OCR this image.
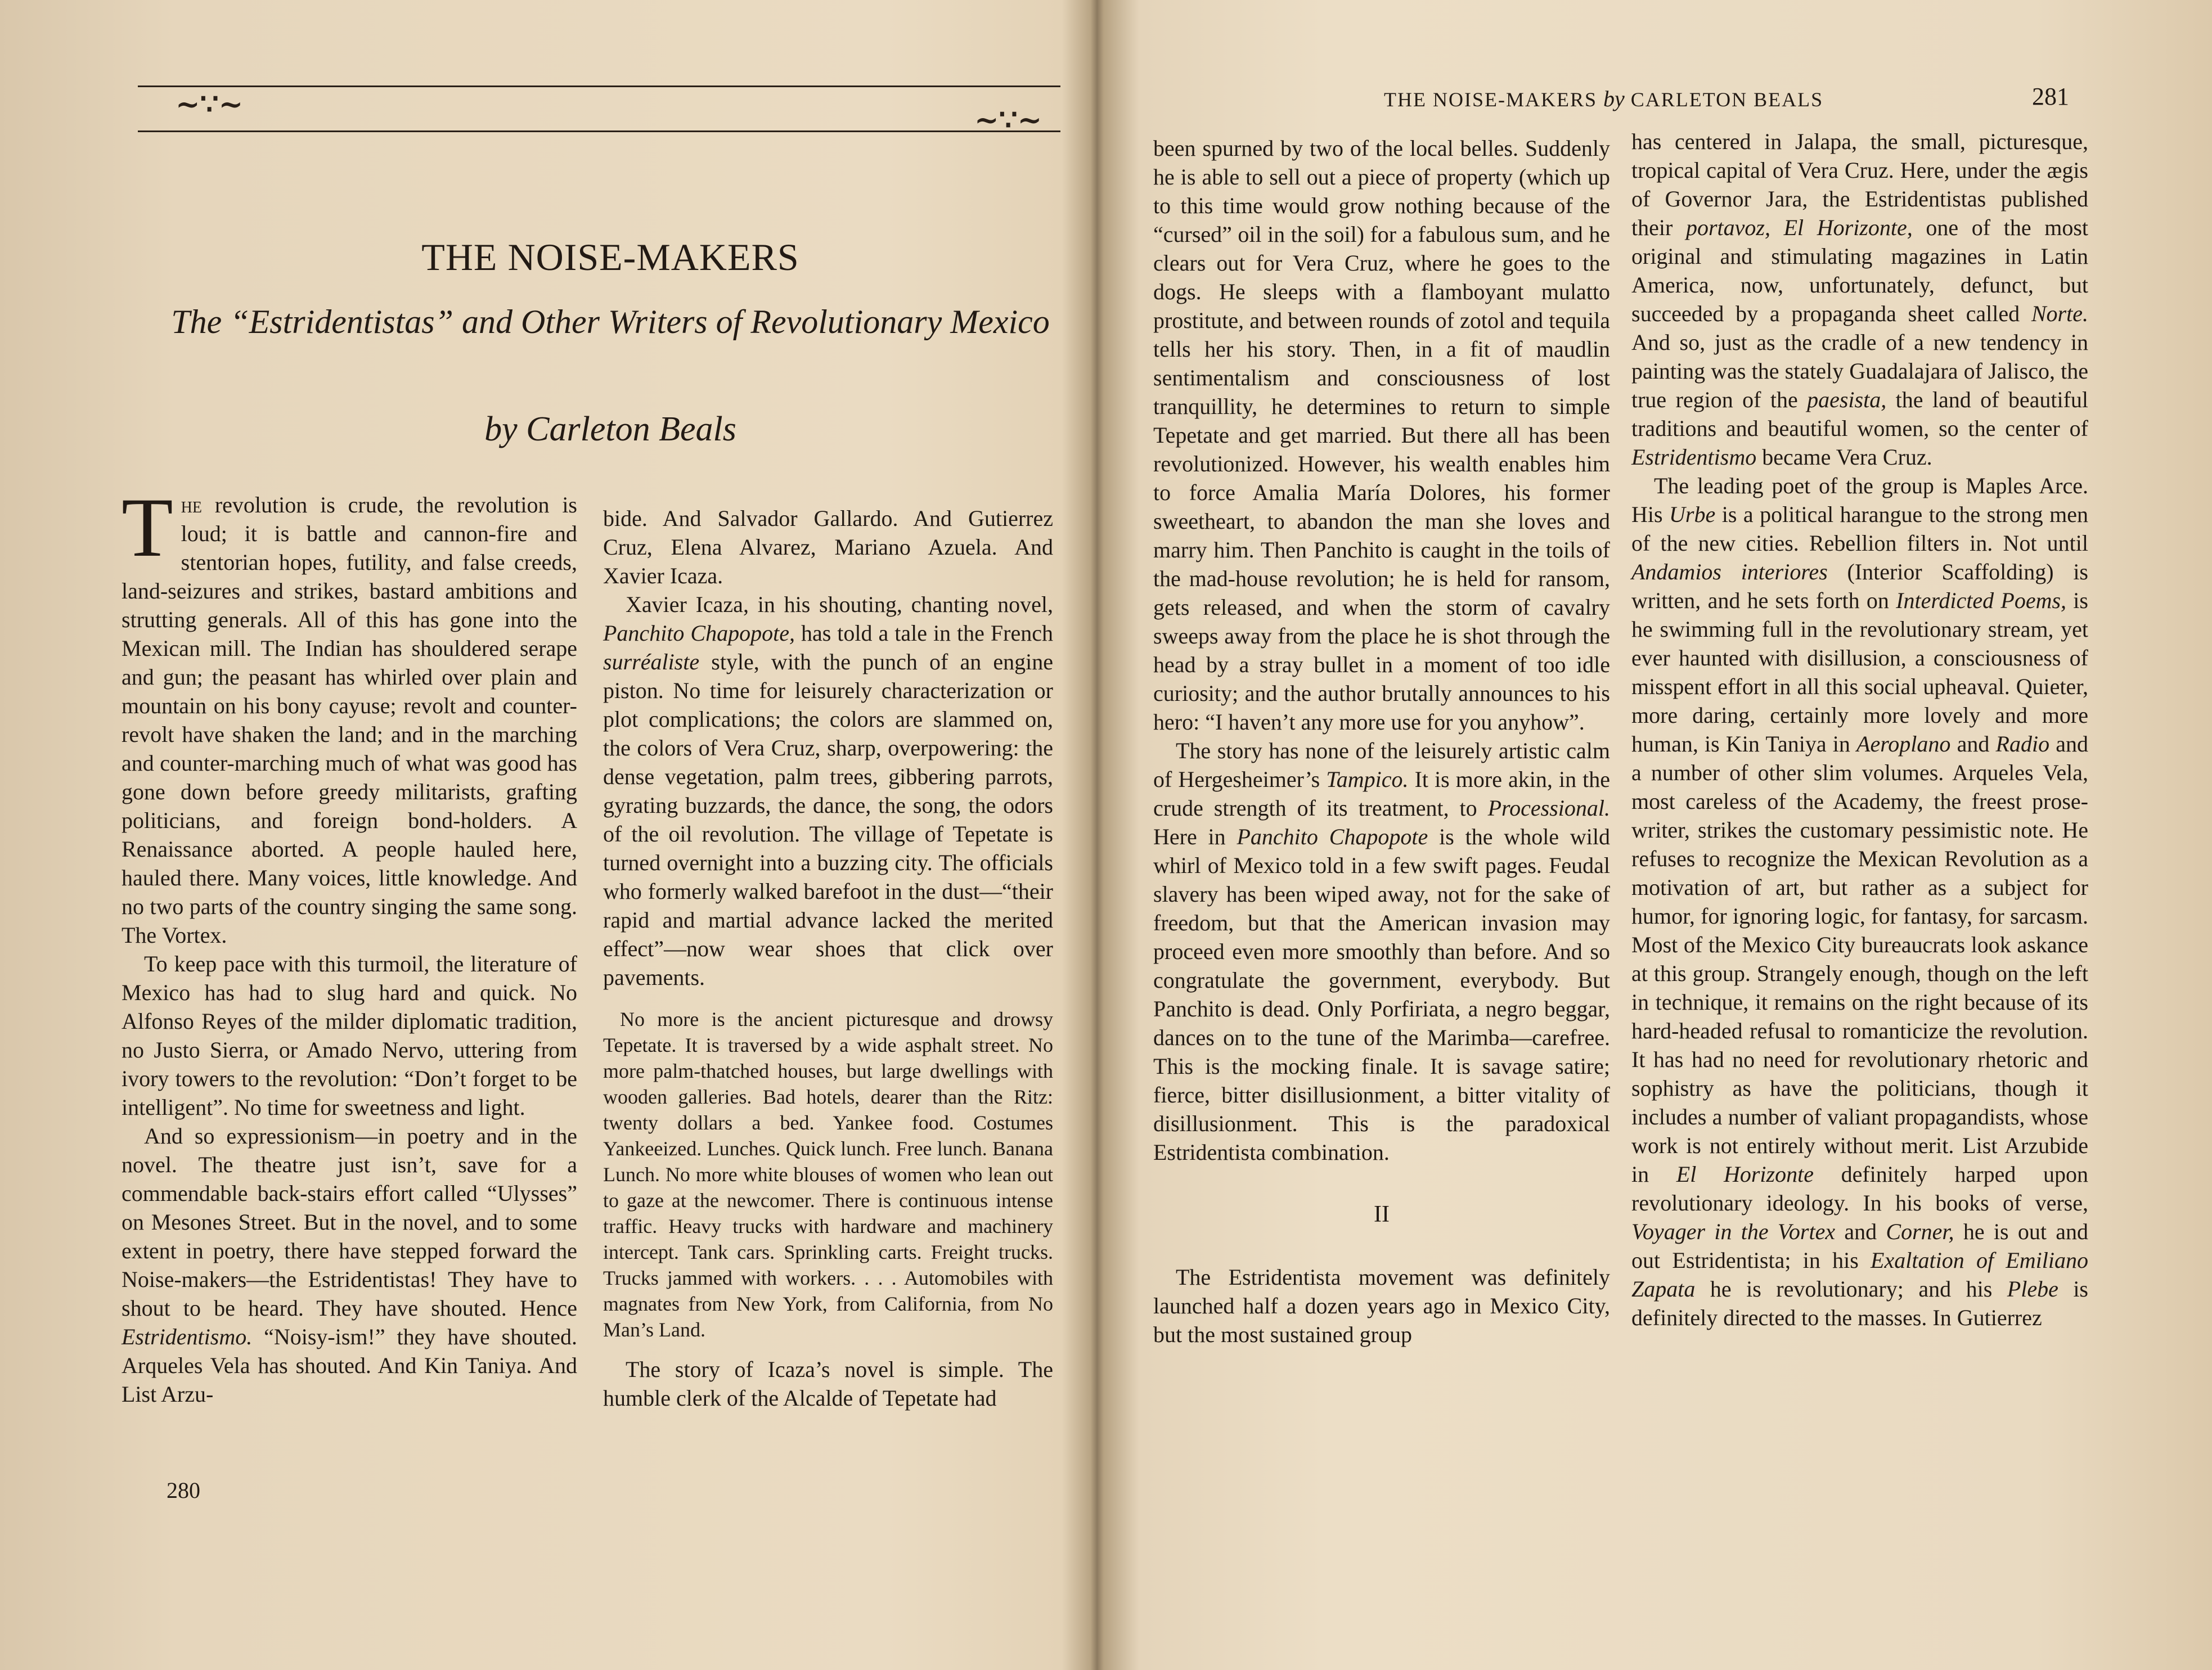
~∵~	~∵~
THE NOISE-MAKERS
The “Estridentistas” and Other Writers of Revolutionary Mexico
by Carleton Beals

The revolution is crude, the revolution is loud; it is battle and cannon-fire and stentorian hopes, futility, and false creeds, land-seizures and strikes, bastard ambitions and strutting generals. All of this has gone into the Mexican mill. The Indian has shouldered serape and gun; the peasant has whirled over plain and mountain on his bony cayuse; revolt and counter-revolt have shaken the land; and in the marching and counter-marching much of what was good has gone down before greedy militarists, grafting politicians, and foreign bond-holders. A Renaissance aborted. A people hauled here, hauled there. Many voices, little knowledge. And no two parts of the country singing the same song. The Vortex.

To keep pace with this turmoil, the literature of Mexico has had to slug hard and quick. No Alfonso Reyes of the milder diplomatic tradition, no Justo Sierra, or Amado Nervo, uttering from ivory towers to the revolution: “Don’t forget to be intelligent”. No time for sweetness and light.

And so expressionism—in poetry and in the novel. The theatre just isn’t, save for a commendable back-stairs effort called “Ulysses” on Mesones Street. But in the novel, and to some extent in poetry, there have stepped forward the Noise-makers—the Estridentistas! They have to shout to be heard. They have shouted. Hence Estridentismo. “Noisy-ism!” they have shouted. Arqueles Vela has shouted. And Kin Taniya. And List Arzu-

bide. And Salvador Gallardo. And Gutierrez Cruz, Elena Alvarez, Mariano Azuela. And Xavier Icaza.

Xavier Icaza, in his shouting, chanting novel, Panchito Chapopote, has told a tale in the French surréaliste style, with the punch of an engine piston. No time for leisurely characterization or plot complications; the colors are slammed on, the colors of Vera Cruz, sharp, overpowering: the dense vegetation, palm trees, gibbering parrots, gyrating buzzards, the dance, the song, the odors of the oil revolution. The village of Tepetate is turned overnight into a buzzing city. The officials who formerly walked barefoot in the dust—“their rapid and martial advance lacked the merited effect”—now wear shoes that click over pavements.

No more is the ancient picturesque and drowsy Tepetate. It is traversed by a wide asphalt street. No more palm-thatched houses, but large dwellings with wooden galleries. Bad hotels, dearer than the Ritz: twenty dollars a bed. Yankee food. Costumes Yankeeized. Lunches. Quick lunch. Free lunch. Banana Lunch. No more white blouses of women who lean out to gaze at the newcomer. There is continuous intense traffic. Heavy trucks with hardware and machinery intercept. Tank cars. Sprinkling carts. Freight trucks. Trucks jammed with workers. . . . Automobiles with magnates from New York, from California, from No Man’s Land.

The story of Icaza’s novel is simple. The humble clerk of the Alcalde of Tepetate had

280
THE NOISE-MAKERS by CARLETON BEALS	281

been spurned by two of the local belles. Suddenly he is able to sell out a piece of property (which up to this time would grow nothing because of the “cursed” oil in the soil) for a fabulous sum, and he clears out for Vera Cruz, where he goes to the dogs. He sleeps with a flamboyant mulatto prostitute, and between rounds of zotol and tequila tells her his story. Then, in a fit of maudlin sentimentalism and consciousness of lost tranquillity, he determines to return to simple Tepetate and get married. But there all has been revolutionized. However, his wealth enables him to force Amalia María Dolores, his former sweetheart, to abandon the man she loves and marry him. Then Panchito is caught in the toils of the mad-house revolution; he is held for ransom, gets released, and when the storm of cavalry sweeps away from the place he is shot through the head by a stray bullet in a moment of too idle curiosity; and the author brutally announces to his hero: “I haven’t any more use for you anyhow”.

The story has none of the leisurely artistic calm of Hergesheimer’s Tampico. It is more akin, in the crude strength of its treatment, to Processional. Here in Panchito Chapopote is the whole wild whirl of Mexico told in a few swift pages. Feudal slavery has been wiped away, not for the sake of freedom, but that the American invasion may proceed even more smoothly than before. And so congratulate the government, everybody. But Panchito is dead. Only Porfiriata, a negro beggar, dances on to the tune of the Marimba—carefree. This is the mocking finale. It is savage satire; fierce, bitter disillusionment, a bitter vitality of disillusionment. This is the paradoxical Estridentista combination.

II

The Estridentista movement was definitely launched half a dozen years ago in Mexico City, but the most sustained group

has centered in Jalapa, the small, picturesque, tropical capital of Vera Cruz. Here, under the ægis of Governor Jara, the Estridentistas published their portavoz, El Horizonte, one of the most original and stimulating magazines in Latin America, now, unfortunately, defunct, but succeeded by a propaganda sheet called Norte. And so, just as the cradle of a new tendency in painting was the stately Guadalajara of Jalisco, the true region of the paesista, the land of beautiful traditions and beautiful women, so the center of Estridentismo became Vera Cruz.

The leading poet of the group is Maples Arce. His Urbe is a political harangue to the strong men of the new cities. Rebellion filters in. Not until Andamios interiores (Interior Scaffolding) is written, and he sets forth on Interdicted Poems, is he swimming full in the revolutionary stream, yet ever haunted with disillusion, a consciousness of misspent effort in all this social upheaval. Quieter, more daring, certainly more lovely and more human, is Kin Taniya in Aeroplano and Radio and a number of other slim volumes. Arqueles Vela, most careless of the Academy, the freest prose-writer, strikes the customary pessimistic note. He refuses to recognize the Mexican Revolution as a motivation of art, but rather as a subject for humor, for ignoring logic, for fantasy, for sarcasm. Most of the Mexico City bureaucrats look askance at this group. Strangely enough, though on the left in technique, it remains on the right because of its hard-headed refusal to romanticize the revolution. It has had no need for revolutionary rhetoric and sophistry as have the politicians, though it includes a number of valiant propagandists, whose work is not entirely without merit. List Arzubide in El Horizonte definitely harped upon revolutionary ideology. In his books of verse, Voyager in the Vortex and Corner, he is out and out Estridentista; in his Exaltation of Emiliano Zapata he is revolutionary; and his Plebe is definitely directed to the masses. In Gutierrez
